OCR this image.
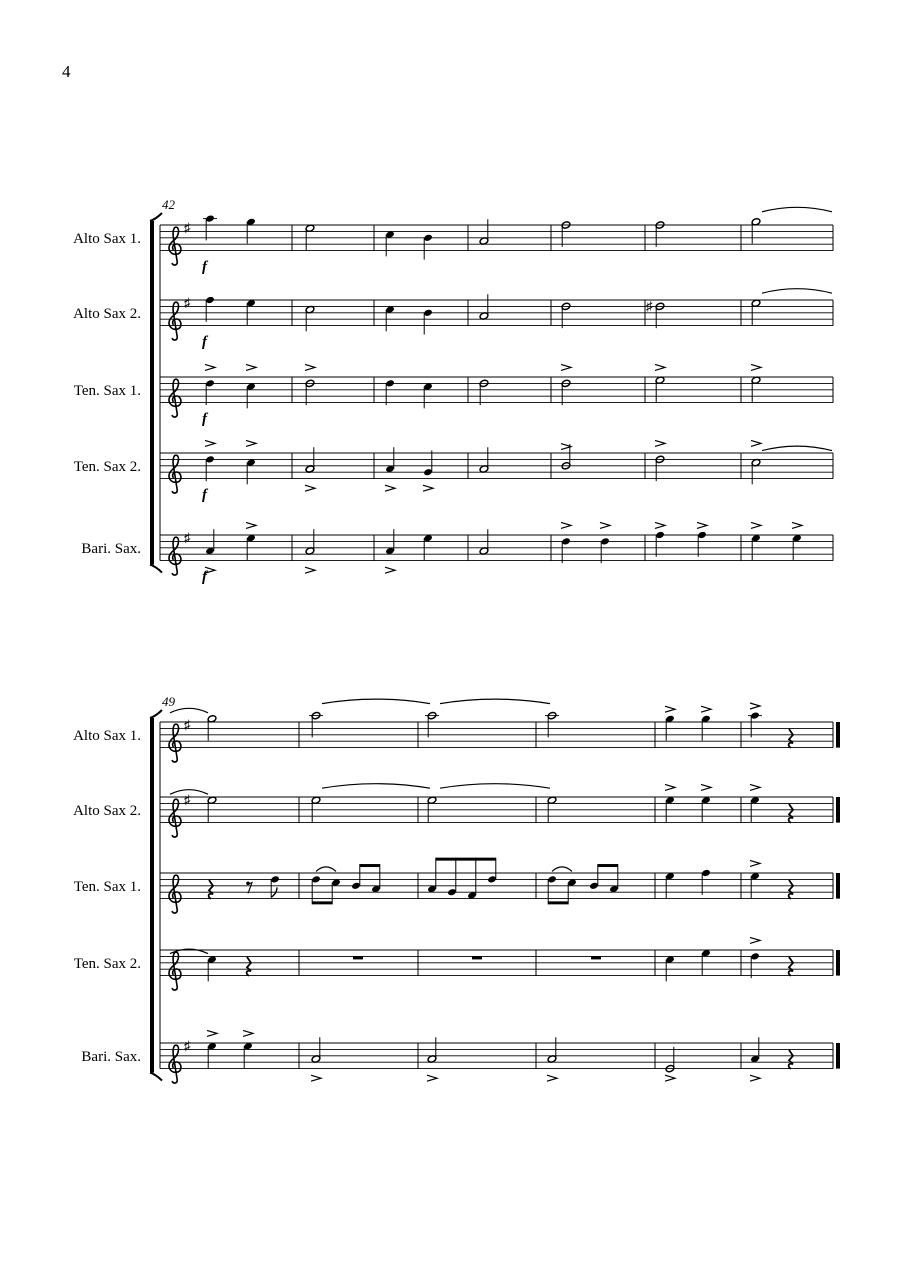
4
♯
Alto Sax 1.
f
♯
Alto Sax 2.
f
Ten. Sax 1.
f
Ten. Sax 2.
f
♯
Bari. Sax.
f
42
♯
♯
Alto Sax 1.
♯
Alto Sax 2.
Ten. Sax 1.
Ten. Sax 2.
♯
Bari. Sax.
49
